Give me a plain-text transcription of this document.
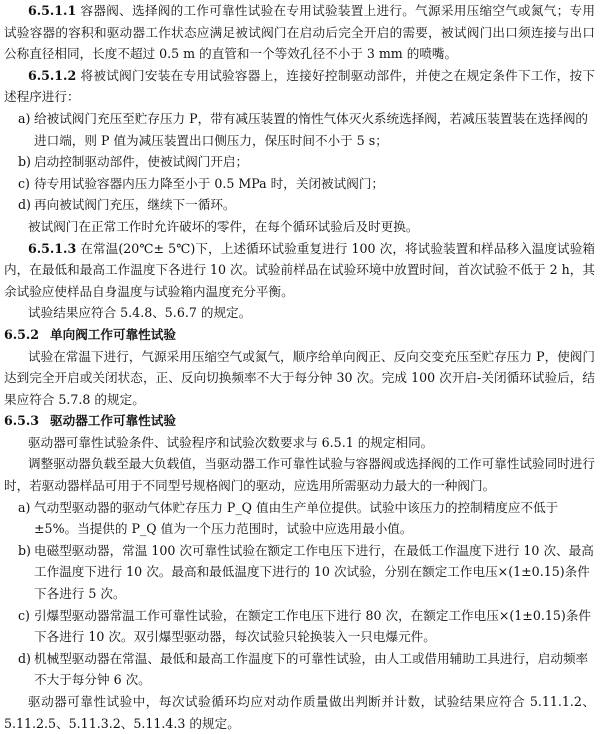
6.5.1.1 容器阀、选择阀的工作可靠性试验在专用试验装置上进行。气源采用压缩空气或氮气；专用试验容器的容积和驱动器工作状态应满足被试阀门在启动后完全开启的需要，被试阀门出口须连接与出口公称直径相同，长度不超过 0.5 m 的直管和一个等效孔径不小于 3 mm 的喷嘴。

6.5.1.2 将被试阀门安装在专用试验容器上，连接好控制驱动部件，并使之在规定条件下工作，按下述程序进行：

a) 给被试阀门充压至贮存压力 P，带有减压装置的惰性气体灭火系统选择阀，若减压装置装在选择阀的进口端，则 P 值为减压装置出口侧压力，保压时间不小于 5 s；
b) 启动控制驱动部件，使被试阀门开启；
c) 待专用试验容器内压力降至小于 0.5 MPa 时，关闭被试阀门；
d) 再向被试阀门充压，继续下一循环。

被试阀门在正常工作时允许破坏的零件，在每个循环试验后及时更换。

6.5.1.3 在常温(20℃± 5℃)下，上述循环试验重复进行 100 次，将试验装置和样品移入温度试验箱内，在最低和最高工作温度下各进行 10 次。试验前样品在试验环境中放置时间，首次试验不低于 2 h，其余试验应使样品自身温度与试验箱内温度充分平衡。

试验结果应符合 5.4.8、5.6.7 的规定。

6.5.2 单向阀工作可靠性试验

试验在常温下进行，气源采用压缩空气或氮气，顺序给单向阀正、反向交变充压至贮存压力 P，使阀门达到完全开启或关闭状态，正、反向切换频率不大于每分钟 30 次。完成 100 次开启-关闭循环试验后，结果应符合 5.7.8 的规定。

6.5.3 驱动器工作可靠性试验

驱动器可靠性试验条件、试验程序和试验次数要求与 6.5.1 的规定相同。

调整驱动器负载至最大负载值，当驱动器工作可靠性试验与容器阀或选择阀的工作可靠性试验同时进行时，若驱动器样品可用于不同型号规格阀门的驱动，应选用所需驱动力最大的一种阀门。

a) 气动型驱动器的驱动气体贮存压力 P_Q 值由生产单位提供。试验中该压力的控制精度应不低于 ±5%。当提供的 P_Q 值为一个压力范围时，试验中应选用最小值。
b) 电磁型驱动器，常温 100 次可靠性试验在额定工作电压下进行，在最低工作温度下进行 10 次、最高工作温度下进行 10 次。最高和最低温度下进行的 10 次试验，分别在额定工作电压×(1±0.15)条件下各进行 5 次。
c) 引爆型驱动器常温工作可靠性试验，在额定工作电压下进行 80 次，在额定工作电压×(1±0.15)条件下各进行 10 次。双引爆型驱动器，每次试验只轮换装入一只电爆元件。
d) 机械型驱动器在常温、最低和最高工作温度下的可靠性试验，由人工或借用辅助工具进行，启动频率不大于每分钟 6 次。

驱动器可靠性试验中，每次试验循环均应对动作质量做出判断并计数，试验结果应符合 5.11.1.2、5.11.2.5、5.11.3.2、5.11.4.3 的规定。
